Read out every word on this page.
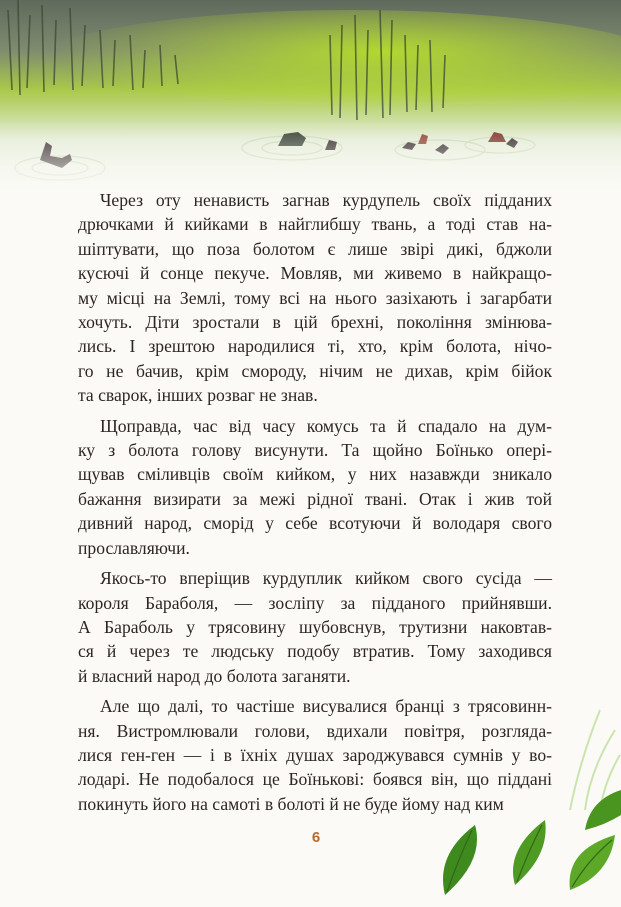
Через оту ненависть загнав курдупель своїх підданих
дрючками й кийками в найглибшу твань, а тоді став на-
шіптувати, що поза болотом є лише звірі дикі, бджоли
кусючі й сонце пекуче. Мовляв, ми живемо в найкращо-
му місці на Землі, тому всі на нього зазіхають і загарбати
хочуть. Діти зростали в цій брехні, покоління змінюва-
лись. І зрештою народилися ті, хто, крім болота, нічо-
го не бачив, крім смороду, нічим не дихав, крім бійок
та сварок, інших розваг не знав.
Щоправда, час від часу комусь та й спадало на дум-
ку з болота голову висунути. Та щойно Боїнько опері-
щував сміливців своїм кийком, у них назавжди зникало
бажання визирати за межі рідної твані. Отак і жив той
дивний народ, сморід у себе всотуючи й володаря свого
прославляючи.
Якось-то вперіщив курдуплик кийком свого сусіда —
короля Бараболя, — зосліпу за підданого прийнявши.
А Бараболь у трясовину шубовснув, трутизни наковтав-
ся й через те людську подобу втратив. Тому заходився
й власний народ до болота заганяти.
Але що далі, то частіше висувалися бранці з трясовинн-
ня. Вистромлювали голови, вдихали повітря, розгляда-
лися ген-ген — і в їхніх душах зароджувався сумнів у во-
лодарі. Не подобалося це Боїнькові: боявся він, що піддані
покинуть його на самоті в болоті й не буде йому над ким
6
